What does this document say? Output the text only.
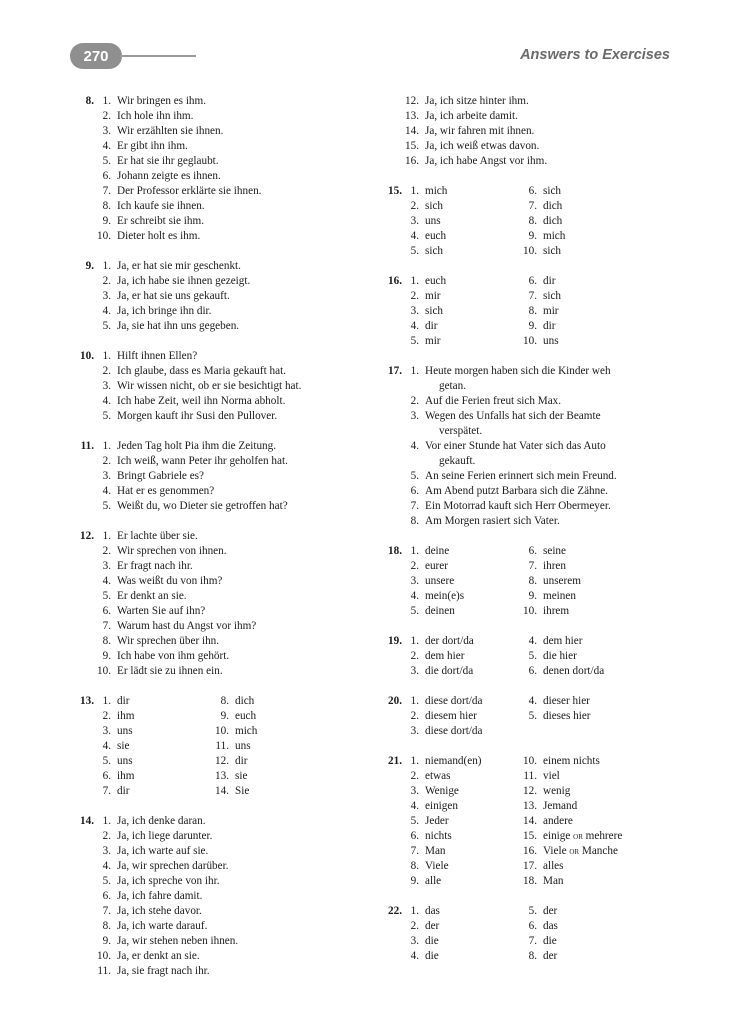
270	Answers to Exercises
8. 1. Wir bringen es ihm.
2. Ich hole ihn ihm.
3. Wir erzählten sie ihnen.
4. Er gibt ihn ihm.
5. Er hat sie ihr geglaubt.
6. Johann zeigte es ihnen.
7. Der Professor erklärte sie ihnen.
8. Ich kaufe sie ihnen.
9. Er schreibt sie ihm.
10. Dieter holt es ihm.
9. 1. Ja, er hat sie mir geschenkt.
2. Ja, ich habe sie ihnen gezeigt.
3. Ja, er hat sie uns gekauft.
4. Ja, ich bringe ihn dir.
5. Ja, sie hat ihn uns gegeben.
10. 1. Hilft ihnen Ellen?
2. Ich glaube, dass es Maria gekauft hat.
3. Wir wissen nicht, ob er sie besichtigt hat.
4. Ich habe Zeit, weil ihn Norma abholt.
5. Morgen kauft ihr Susi den Pullover.
11. 1. Jeden Tag holt Pia ihm die Zeitung.
2. Ich weiß, wann Peter ihr geholfen hat.
3. Bringt Gabriele es?
4. Hat er es genommen?
5. Weißt du, wo Dieter sie getroffen hat?
12. 1. Er lachte über sie.
2. Wir sprechen von ihnen.
3. Er fragt nach ihr.
4. Was weißt du von ihm?
5. Er denkt an sie.
6. Warten Sie auf ihn?
7. Warum hast du Angst vor ihm?
8. Wir sprechen über ihn.
9. Ich habe von ihm gehört.
10. Er lädt sie zu ihnen ein.
13. 1. dir
2. ihm
3. uns
4. sie
5. uns
6. ihm
7. dir
8. dich
9. euch
10. mich
11. uns
12. dir
13. sie
14. Sie
14. 1. Ja, ich denke daran.
2. Ja, ich liege darunter.
3. Ja, ich warte auf sie.
4. Ja, wir sprechen darüber.
5. Ja, ich spreche von ihr.
6. Ja, ich fahre damit.
7. Ja, ich stehe davor.
8. Ja, ich warte darauf.
9. Ja, wir stehen neben ihnen.
10. Ja, er denkt an sie.
11. Ja, sie fragt nach ihr.
12. Ja, ich sitze hinter ihm.
13. Ja, ich arbeite damit.
14. Ja, wir fahren mit ihnen.
15. Ja, ich weiß etwas davon.
16. Ja, ich habe Angst vor ihm.
15. 1. mich
2. sich
3. uns
4. euch
5. sich
6. sich
7. dich
8. dich
9. mich
10. sich
16. 1. euch
2. mir
3. sich
4. dir
5. mir
6. dir
7. sich
8. mir
9. dir
10. uns
17. 1. Heute morgen haben sich die Kinder weh
getan.
2. Auf die Ferien freut sich Max.
3. Wegen des Unfalls hat sich der Beamte
verspätet.
4. Vor einer Stunde hat Vater sich das Auto
gekauft.
5. An seine Ferien erinnert sich mein Freund.
6. Am Abend putzt Barbara sich die Zähne.
7. Ein Motorrad kauft sich Herr Obermeyer.
8. Am Morgen rasiert sich Vater.
18. 1. deine
2. eurer
3. unsere
4. mein(e)s
5. deinen
6. seine
7. ihren
8. unserem
9. meinen
10. ihrem
19. 1. der dort/da
2. dem hier
3. die dort/da
4. dem hier
5. die hier
6. denen dort/da
20. 1. diese dort/da
2. diesem hier
3. diese dort/da
4. dieser hier
5. dieses hier
21. 1. niemand(en)
2. etwas
3. Wenige
4. einigen
5. Jeder
6. nichts
7. Man
8. Viele
9. alle
10. einem nichts
11. viel
12. wenig
13. Jemand
14. andere
15. einige or mehrere
16. Viele or Manche
17. alles
18. Man
22. 1. das
2. der
3. die
4. die
5. der
6. das
7. die
8. der
